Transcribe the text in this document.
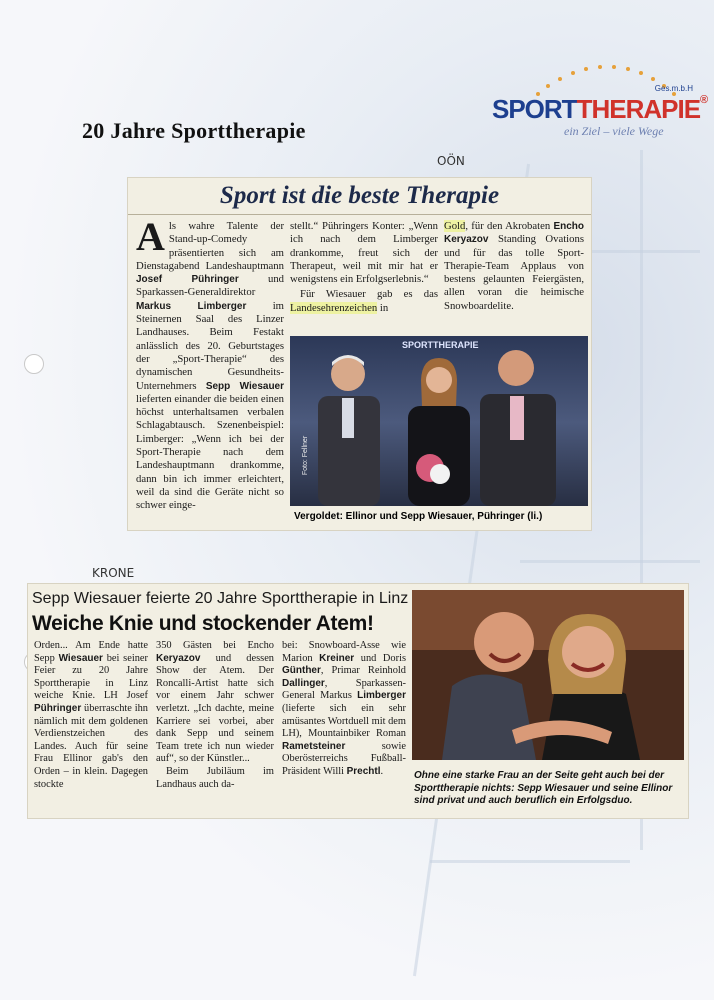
20 Jahre Sporttherapie
OÖN
KRONE
Ges.m.b.H
SPORTTHERAPIE®
ein Ziel – viele Wege
Sport ist die beste Therapie

Als wahre Talente der Stand-up-Comedy präsentierten sich am Dienstagabend Landeshauptmann Josef Pühringer und Sparkassen-Generaldirektor Markus Limberger im Steinernen Saal des Linzer Landhauses. Beim Festakt anlässlich des 20. Geburtstages der „Sport-Therapie“ des dynamischen Gesundheits-Unternehmers Sepp Wiesauer lieferten einander die beiden einen höchst unterhaltsamen verbalen Schlagabtausch. Szenenbeispiel: Limberger: „Wenn ich bei der Sport-Therapie nach dem Landeshauptmann drankomme, dann bin ich immer erleichtert, weil da sind die Geräte nicht so schwer einge-

stellt.“ Pühringers Konter: „Wenn ich nach dem Limberger drankomme, freut sich der Therapeut, weil mit mir hat er wenigstens ein Erfolgserlebnis.“

Für Wiesauer gab es das Landesehrenzeichen in

Gold, für den Akrobaten Encho Keryazov Standing Ovations und für das tolle Sport-Therapie-Team Applaus von bestens gelaunten Feiergästen, allen voran die heimische Snowboardelite.

SPORTTHERAPIE
Foto: Fellner
Vergoldet: Ellinor und Sepp Wiesauer, Pühringer (li.)
Sepp Wiesauer feierte 20 Jahre Sporttherapie in Linz
Weiche Knie und stockender Atem!

Orden... Am Ende hatte Sepp Wiesauer bei seiner Feier zu 20 Jahre Sporttherapie in Linz weiche Knie. LH Josef Pühringer überraschte ihn nämlich mit dem goldenen Verdienstzeichen des Landes. Auch für seine Frau Ellinor gab's den Orden – in klein. Dagegen stockte

350 Gästen bei Encho Keryazov und dessen Show der Atem. Der Roncalli-Artist hatte sich vor einem Jahr schwer verletzt. „Ich dachte, meine Karriere sei vorbei, aber dank Sepp und seinem Team trete ich nun wieder auf“, so der Künstler...

Beim Jubiläum im Landhaus auch da-

bei: Snowboard-Asse wie Marion Kreiner und Doris Günther, Primar Reinhold Dallinger, Sparkassen-General Markus Limberger (lieferte sich ein sehr amüsantes Wortduell mit dem LH), Mountainbiker Roman Rametsteiner sowie Oberösterreichs Fußball-Präsident Willi Prechtl.	Ohne eine starke Frau an der Seite geht auch bei der Sporttherapie nichts: Sepp Wiesauer und seine Ellinor sind privat und auch beruflich ein Erfolgsduo.
